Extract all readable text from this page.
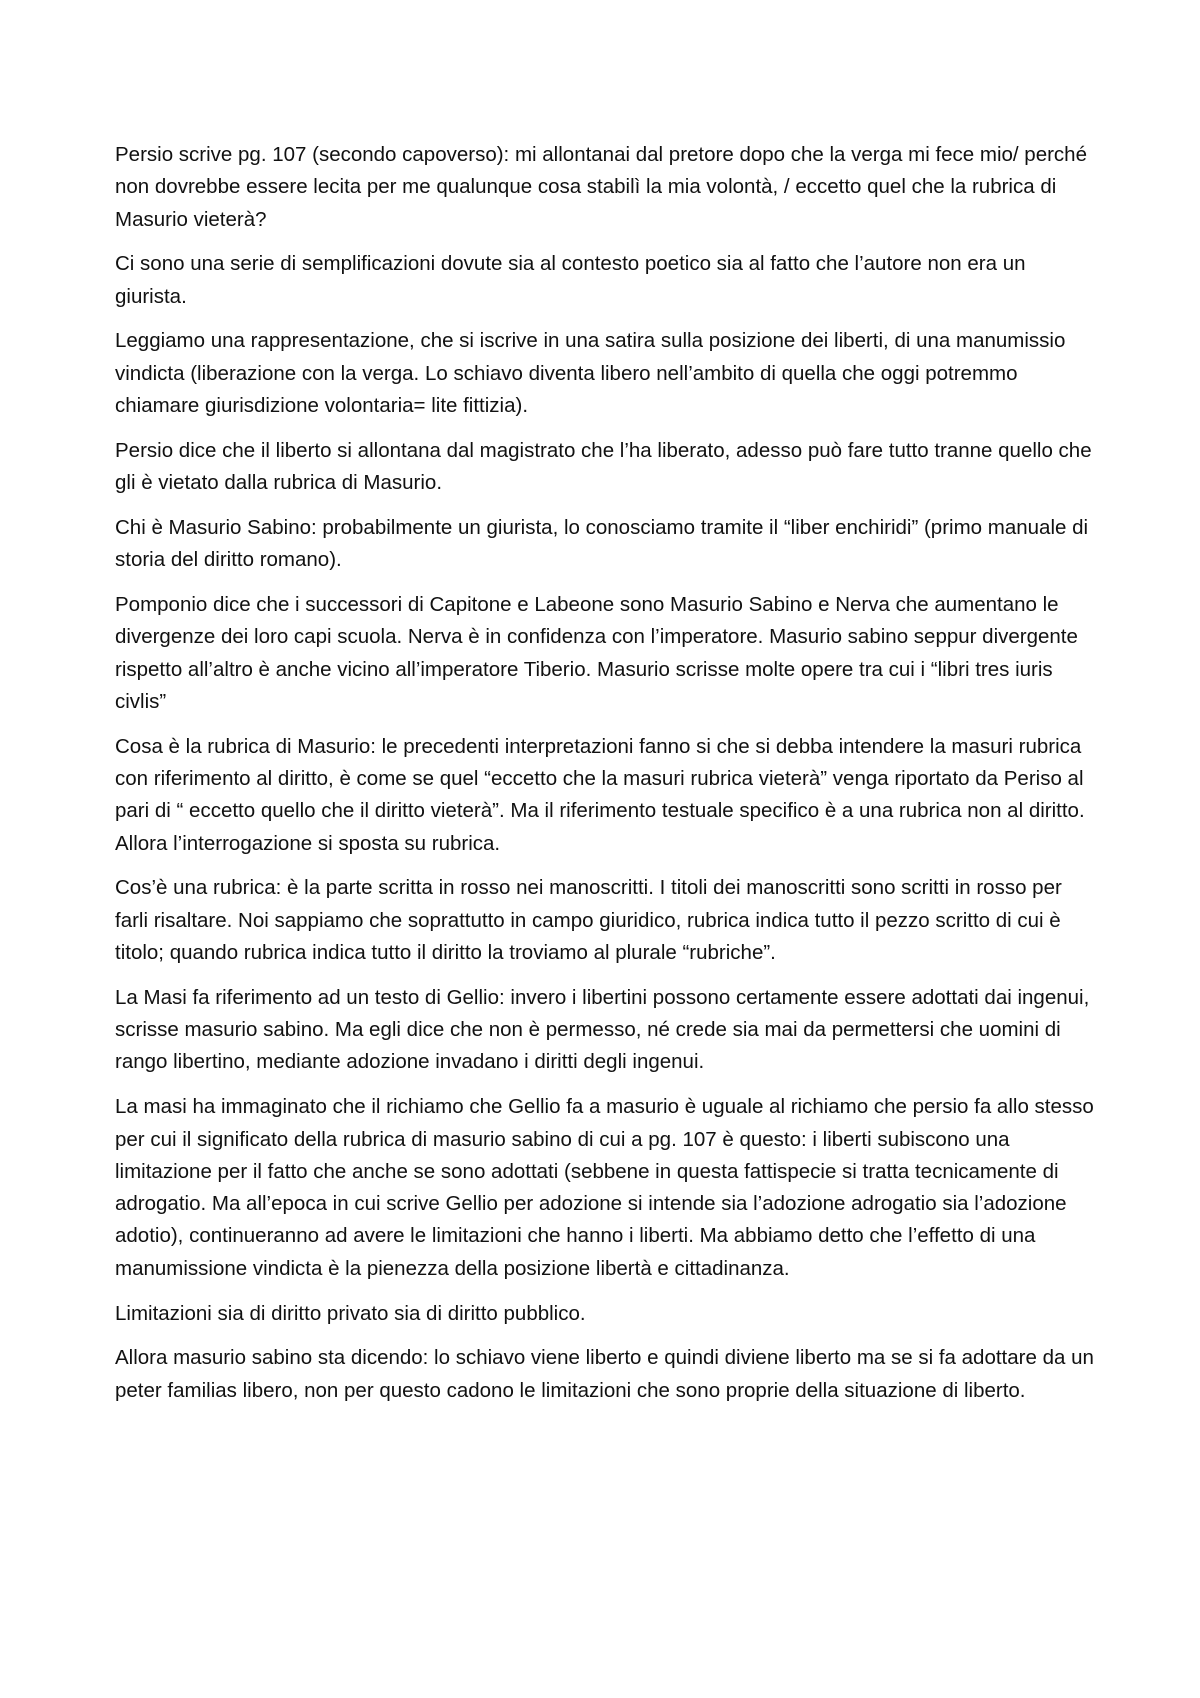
Persio scrive pg. 107 (secondo capoverso): mi allontanai dal pretore dopo che la verga mi fece mio/ perché non dovrebbe essere lecita per me qualunque cosa stabilì la mia volontà, / eccetto quel che la rubrica di Masurio vieterà?

Ci sono una serie di semplificazioni dovute sia al contesto poetico sia al fatto che l’autore non era un giurista.

Leggiamo una rappresentazione, che si iscrive in una satira sulla posizione dei liberti, di una manumissio vindicta (liberazione con la verga. Lo schiavo diventa libero nell’ambito di quella che oggi potremmo chiamare giurisdizione volontaria= lite fittizia).

Persio dice che il liberto si allontana dal magistrato che l’ha liberato, adesso può fare tutto tranne quello che gli è vietato dalla rubrica di Masurio.

Chi è Masurio Sabino: probabilmente un giurista, lo conosciamo tramite il “liber enchiridi” (primo manuale di storia del diritto romano).

Pomponio dice che i successori di Capitone e Labeone sono Masurio Sabino e Nerva che aumentano le divergenze dei loro capi scuola. Nerva è in confidenza con l’imperatore. Masurio sabino seppur divergente rispetto all’altro è anche vicino all’imperatore Tiberio. Masurio scrisse molte opere tra cui i “libri tres iuris civlis”

Cosa è la rubrica di Masurio: le precedenti interpretazioni fanno si che si debba intendere la masuri rubrica con riferimento al diritto, è come se quel “eccetto che la masuri rubrica vieterà” venga riportato da Periso al pari di “ eccetto quello che il diritto vieterà”. Ma il riferimento testuale specifico è a una rubrica non al diritto. Allora l’interrogazione si sposta su rubrica.

Cos’è una rubrica: è la parte scritta in rosso nei manoscritti. I titoli dei manoscritti sono scritti in rosso per farli risaltare. Noi sappiamo che soprattutto in campo giuridico, rubrica indica tutto il pezzo scritto di cui è titolo; quando rubrica indica tutto il diritto la troviamo al plurale “rubriche”.

La Masi fa riferimento ad un testo di Gellio: invero i libertini possono certamente essere adottati dai ingenui, scrisse masurio sabino. Ma egli dice che non è permesso, né crede sia mai da permettersi che uomini di rango libertino, mediante adozione invadano i diritti degli ingenui.

La masi ha immaginato che il richiamo che Gellio fa a masurio è uguale al richiamo che persio fa allo stesso per cui il significato della rubrica di masurio sabino di cui a pg. 107 è questo: i liberti subiscono una limitazione per il fatto che anche se sono adottati (sebbene in questa fattispecie si tratta tecnicamente di adrogatio. Ma all’epoca in cui scrive Gellio per adozione si intende sia l’adozione adrogatio sia l’adozione adotio), continueranno ad avere le limitazioni che hanno i liberti. Ma abbiamo detto che l’effetto di una manumissione vindicta è la pienezza della posizione libertà e cittadinanza.

Limitazioni sia di diritto privato sia di diritto pubblico.

Allora masurio sabino sta dicendo: lo schiavo viene liberto e quindi diviene liberto ma se si fa adottare da un peter familias libero, non per questo cadono le limitazioni che sono proprie della situazione di liberto.
